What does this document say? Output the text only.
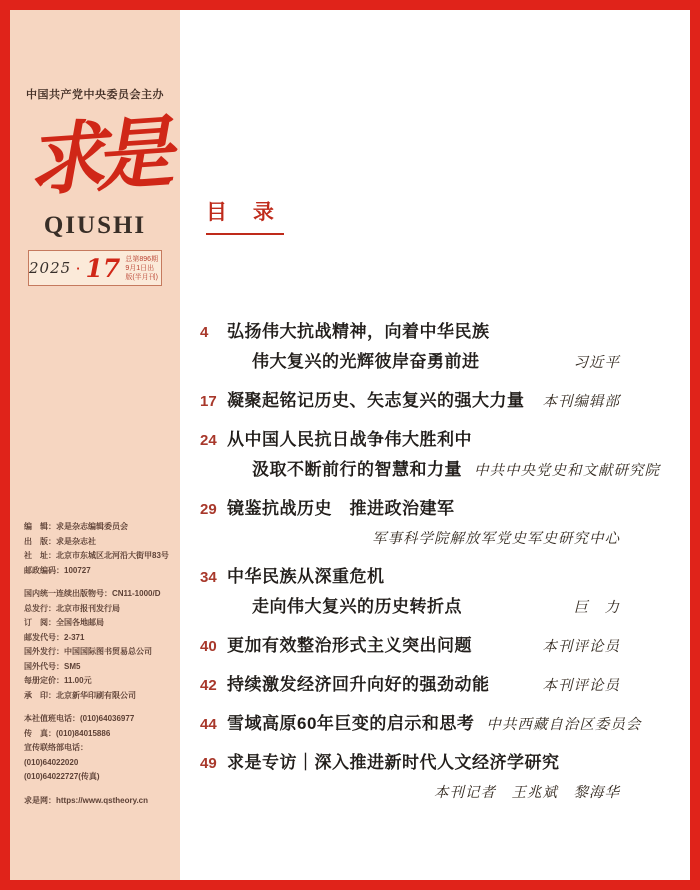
中国共产党中央委员会主办
求是
QIUSHI
2025 · 17 总第896期
9月1日出版(半月刊)
编　辑：求是杂志编辑委员会
出　版：求是杂志社
社　址：北京市东城区北河沿大街甲83号
邮政编码：100727
国内统一连续出版物号：CN11-1000/D
总发行：北京市报刊发行局
订　阅：全国各地邮局
邮发代号：2-371
国外发行：中国国际图书贸易总公司
国外代号：SM5
每册定价：11.00元
承　印：北京新华印刷有限公司
本社值班电话：(010)64036977
传　真：(010)84015886
宣传联络部电话：
(010)64022020
(010)64022727(传真)
求是网：https://www.qstheory.cn
目 录
4	弘扬伟大抗战精神，向着中华民族
伟大复兴的光辉彼岸奋勇前进	习近平
17 凝聚起铭记历史、矢志复兴的强大力量	本刊编辑部
24 从中国人民抗日战争伟大胜利中
汲取不断前行的智慧和力量 中共中央党史和文献研究院
29 镜鉴抗战历史　推进政治建军
军事科学院解放军党史军史研究中心
34 中华民族从深重危机
走向伟大复兴的历史转折点	巨　力
40 更加有效整治形式主义突出问题	本刊评论员
42 持续激发经济回升向好的强劲动能	本刊评论员
44 雪域高原60年巨变的启示和思考 中共西藏自治区委员会
49 求是专访｜深入推进新时代人文经济学研究
本刊记者　王兆斌　黎海华
